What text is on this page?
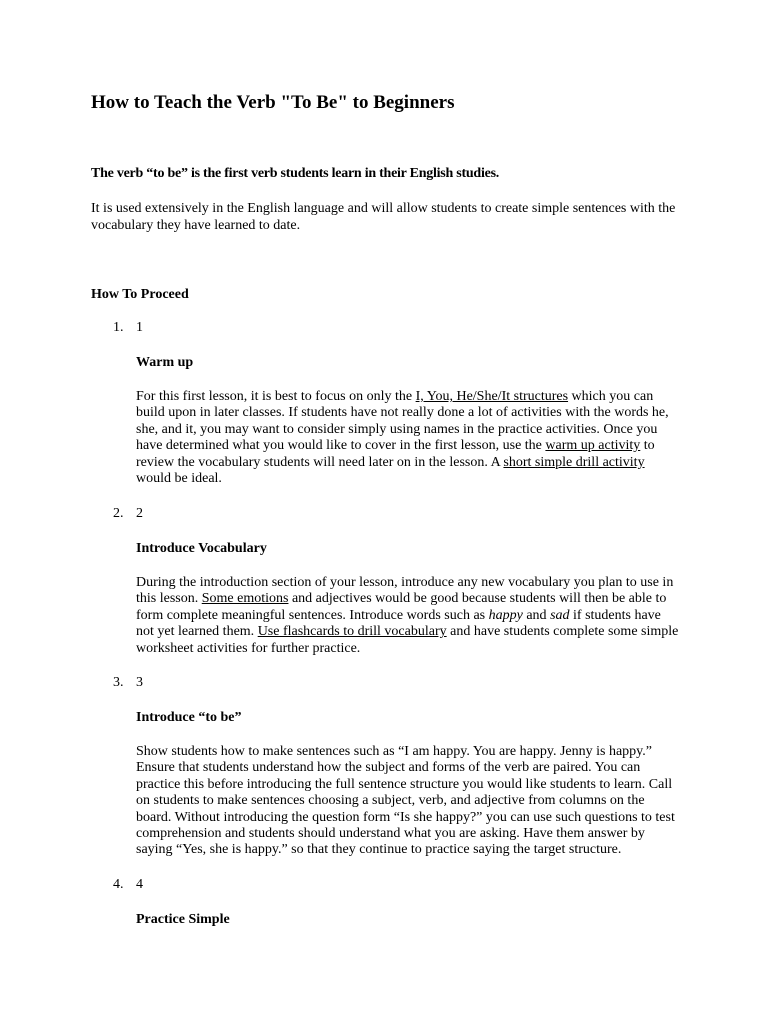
How to Teach the Verb "To Be" to Beginners

The verb “to be” is the first verb students learn in their English studies.

It is used extensively in the English language and will allow students to create simple sentences with the vocabulary they have learned to date.

How To Proceed

1. 1

Warm up

For this first lesson, it is best to focus on only the I, You, He/She/It structures which you can build upon in later classes. If students have not really done a lot of activities with the words he, she, and it, you may want to consider simply using names in the practice activities. Once you have determined what you would like to cover in the first lesson, use the warm up activity to review the vocabulary students will need later on in the lesson. A short simple drill activity would be ideal.

2. 2

Introduce Vocabulary

During the introduction section of your lesson, introduce any new vocabulary you plan to use in this lesson. Some emotions and adjectives would be good because students will then be able to form complete meaningful sentences. Introduce words such as happy and sad if students have not yet learned them. Use flashcards to drill vocabulary and have students complete some simple worksheet activities for further practice.

3. 3

Introduce “to be”

Show students how to make sentences such as “I am happy. You are happy. Jenny is happy.” Ensure that students understand how the subject and forms of the verb are paired. You can practice this before introducing the full sentence structure you would like students to learn. Call on students to make sentences choosing a subject, verb, and adjective from columns on the board. Without introducing the question form “Is she happy?” you can use such questions to test comprehension and students should understand what you are asking. Have them answer by saying “Yes, she is happy.” so that they continue to practice saying the target structure.

4. 4

Practice Simple
